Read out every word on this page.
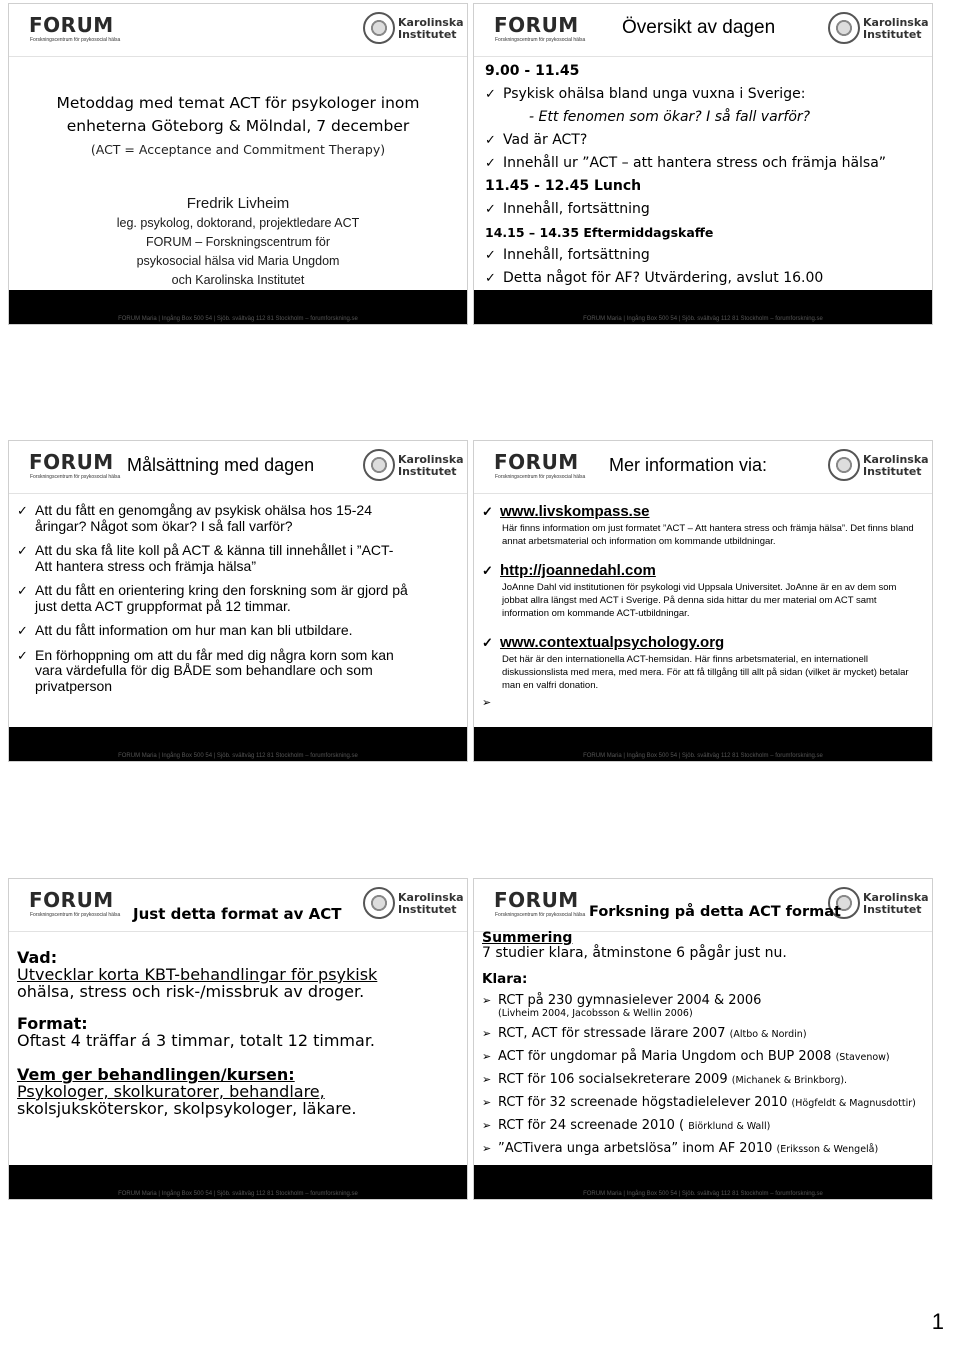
FORUM
Forskningscentrum för psykosocial hälsa
Karolinska
Institutet

Metoddag med temat ACT för psykologer inom

enheterna Göteborg & Mölndal, 7 december

(ACT = Acceptance and Commitment Therapy)

Fredrik Livheim

leg. psykolog, doktorand, projektledare ACT

FORUM – Forskningscentrum för

psykosocial hälsa vid Maria Ungdom

och Karolinska Institutet

FORUM Maria | Ingång Box 500 54 | Sjöb. svältväg 112 81 Stockholm – forumforskning.se
FORUM
Forskningscentrum för psykosocial hälsa
Översikt av dagen	Karolinska
Institutet

9.00 - 11.45

✓ Psykisk ohälsa bland unga vuxna i Sverige:

- Ett fenomen som ökar? I så fall varför?

✓ Vad är ACT?

✓ Innehåll ur ”ACT – att hantera stress och främja hälsa”

11.45 - 12.45 Lunch

✓ Innehåll, fortsättning

14.15 – 14.35 Eftermiddagskaffe

✓ Innehåll, fortsättning

✓ Detta något för AF? Utvärdering, avslut 16.00

FORUM Maria | Ingång Box 500 54 | Sjöb. svältväg 112 81 Stockholm – forumforskning.se
FORUM
Forskningscentrum för psykosocial hälsa
Målsättning med dagen	Karolinska
Institutet

✓ Att du fått en genomgång av psykisk ohälsa hos 15-24 åringar? Något som ökar? I så fall varför?

✓ Att du ska få lite koll på ACT & känna till innehållet i ”ACT- Att hantera stress och främja hälsa”

✓ Att du fått en orientering kring den forskning som är gjord på just detta ACT gruppformat på 12 timmar.

✓ Att du fått information om hur man kan bli utbildare.

✓ En förhoppning om att du får med dig några korn som kan vara värdefulla för dig BÅDE som behandlare och som privatperson

FORUM Maria | Ingång Box 500 54 | Sjöb. svältväg 112 81 Stockholm – forumforskning.se
FORUM
Forskningscentrum för psykosocial hälsa
Mer information via:	Karolinska
Institutet

✓ www.livskompass.se

Här finns information om just formatet ”ACT – Att hantera stress och främja hälsa”. Det finns bland annat arbetsmaterial och information om kommande utbildningar.

✓ http://joannedahl.com

JoAnne Dahl vid institutionen för psykologi vid Uppsala Universitet. JoAnne är en av dem som jobbat allra längst med ACT i Sverige. På denna sida hittar du mer material om ACT samt information om kommande ACT-utbildningar.

✓ www.contextualpsychology.org

Det här är den internationella ACT-hemsidan. Här finns arbetsmaterial, en internationell diskussionslista med mera, med mera. För att få tillgång till allt på sidan (vilket är mycket) betalar man en valfri donation.

➢

FORUM Maria | Ingång Box 500 54 | Sjöb. svältväg 112 81 Stockholm – forumforskning.se
FORUM
Forskningscentrum för psykosocial hälsa
Karolinska
Institutet
Just detta format av ACT

Vad:

Utvecklar korta KBT-behandlingar för psykisk

ohälsa, stress och risk-/missbruk av droger.

Format:

Oftast 4 träffar á 3 timmar, totalt 12 timmar.

Vem ger behandlingen/kursen:

Psykologer, skolkuratorer, behandlare,

skolsjuksköterskor, skolpsykologer, läkare.

FORUM Maria | Ingång Box 500 54 | Sjöb. svältväg 112 81 Stockholm – forumforskning.se
FORUM
Forskningscentrum för psykosocial hälsa
Karolinska
Institutet
Forksning på detta ACT format

Summering

7 studier klara, åtminstone 6 pågår just nu.

Klara:

➢ RCT på 230 gymnasielever 2004 & 2006

(Livheim 2004, Jacobsson & Wellin 2006)

➢ RCT, ACT för stressade lärare 2007 (Altbo & Nordin)

➢ ACT för ungdomar på Maria Ungdom och BUP 2008 (Stavenow)

➢ RCT för 106 socialsekreterare 2009 (Michanek & Brinkborg).

➢ RCT för 32 screenade högstadielelever 2010 (Högfeldt & Magnusdottir)

➢ RCT för 24 screenade 2010 ( Biörklund & Wall)

➢ ”ACTivera unga arbetslösa” inom AF 2010 (Eriksson & Wengelå)

FORUM Maria | Ingång Box 500 54 | Sjöb. svältväg 112 81 Stockholm – forumforskning.se
1
